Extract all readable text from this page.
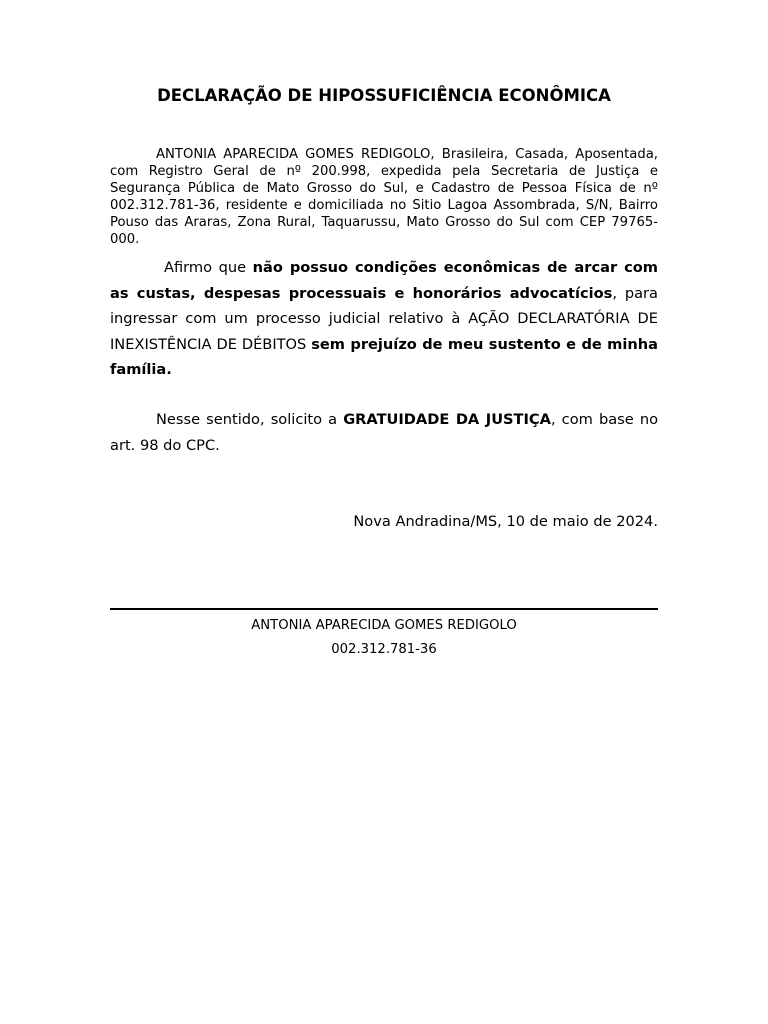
DECLARAÇÃO DE HIPOSSUFICIÊNCIA ECONÔMICA
ANTONIA APARECIDA GOMES REDIGOLO, Brasileira, Casada, Aposentada, com Registro Geral de nº 200.998, expedida pela Secretaria de Justiça e Segurança Pública de Mato Grosso do Sul, e Cadastro de Pessoa Física de nº 002.312.781-36, residente e domiciliada no Sitio Lagoa Assombrada, S/N, Bairro Pouso das Araras, Zona Rural, Taquarussu, Mato Grosso do Sul com CEP 79765-000.
Afirmo que não possuo condições econômicas de arcar com as custas, despesas processuais e honorários advocatícios, para ingressar com um processo judicial relativo à AÇÃO DECLARATÓRIA DE INEXISTÊNCIA DE DÉBITOS sem prejuízo de meu sustento e de minha família.
Nesse sentido, solicito a GRATUIDADE DA JUSTIÇA, com base no art. 98 do CPC.
Nova Andradina/MS, 10 de maio de 2024.
ANTONIA APARECIDA GOMES REDIGOLO
002.312.781-36
